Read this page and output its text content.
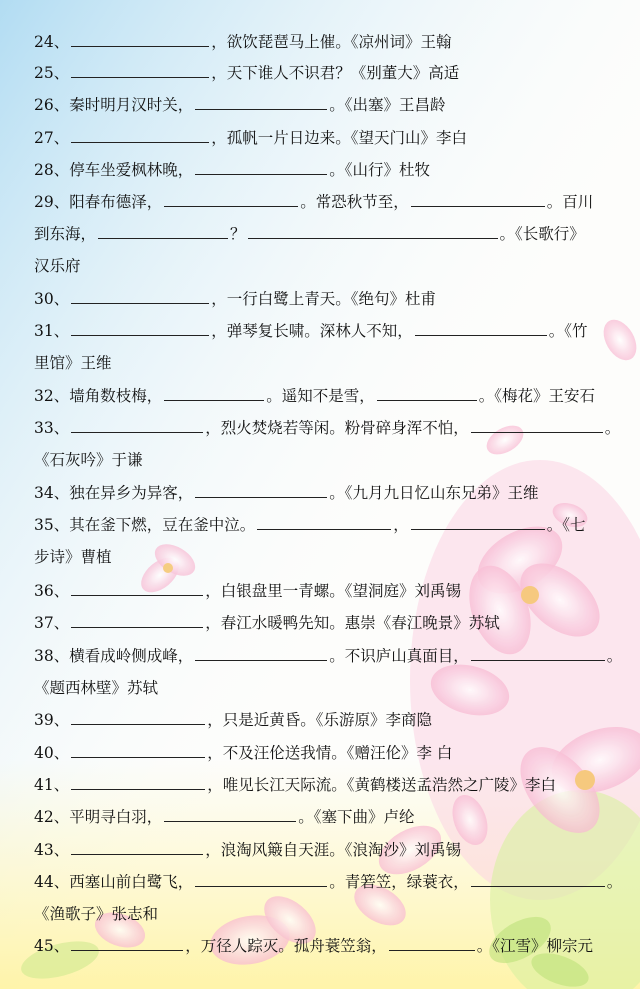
24、	，欲饮琵琶马上催。《凉州词》王翰
25、	，天下谁人不识君？《别董大》高适
26、秦时明月汉时关，	。《出塞》王昌龄
27、	，孤帆一片日边来。《望天门山》李白
28、停车坐爱枫林晚，	。《山行》杜牧
29、阳春布德泽，	。常恐秋节至，	。百川
到东海，	？	。《长歌行》
汉乐府
30、	，一行白鹭上青天。《绝句》杜甫
31、	，弹琴复长啸。深林人不知，	。《竹
里馆》王维
32、墙角数枝梅，	。遥知不是雪，	。《梅花》王安石
33、	，烈火焚烧若等闲。粉骨碎身浑不怕，	。
《石灰吟》于谦
34、独在异乡为异客，	。《九月九日忆山东兄弟》王维
35、其在釜下燃，豆在釜中泣。	，	。《七
步诗》曹植
36、	，白银盘里一青螺。《望洞庭》刘禹锡
37、	，春江水暖鸭先知。惠崇《春江晚景》苏轼
38、横看成岭侧成峰，	。不识庐山真面目，	。
《题西林壁》苏轼
39、	，只是近黄昏。《乐游原》李商隐
40、	，不及汪伦送我情。《赠汪伦》李 白
41、	，唯见长江天际流。《黄鹤楼送孟浩然之广陵》李白
42、平明寻白羽，	。《塞下曲》卢纶
43、	，浪淘风簸自天涯。《浪淘沙》刘禹锡
44、西塞山前白鹭飞，	。青箬笠，绿蓑衣，	。
《渔歌子》张志和
45、	，万径人踪灭。孤舟蓑笠翁，	。《江雪》柳宗元
